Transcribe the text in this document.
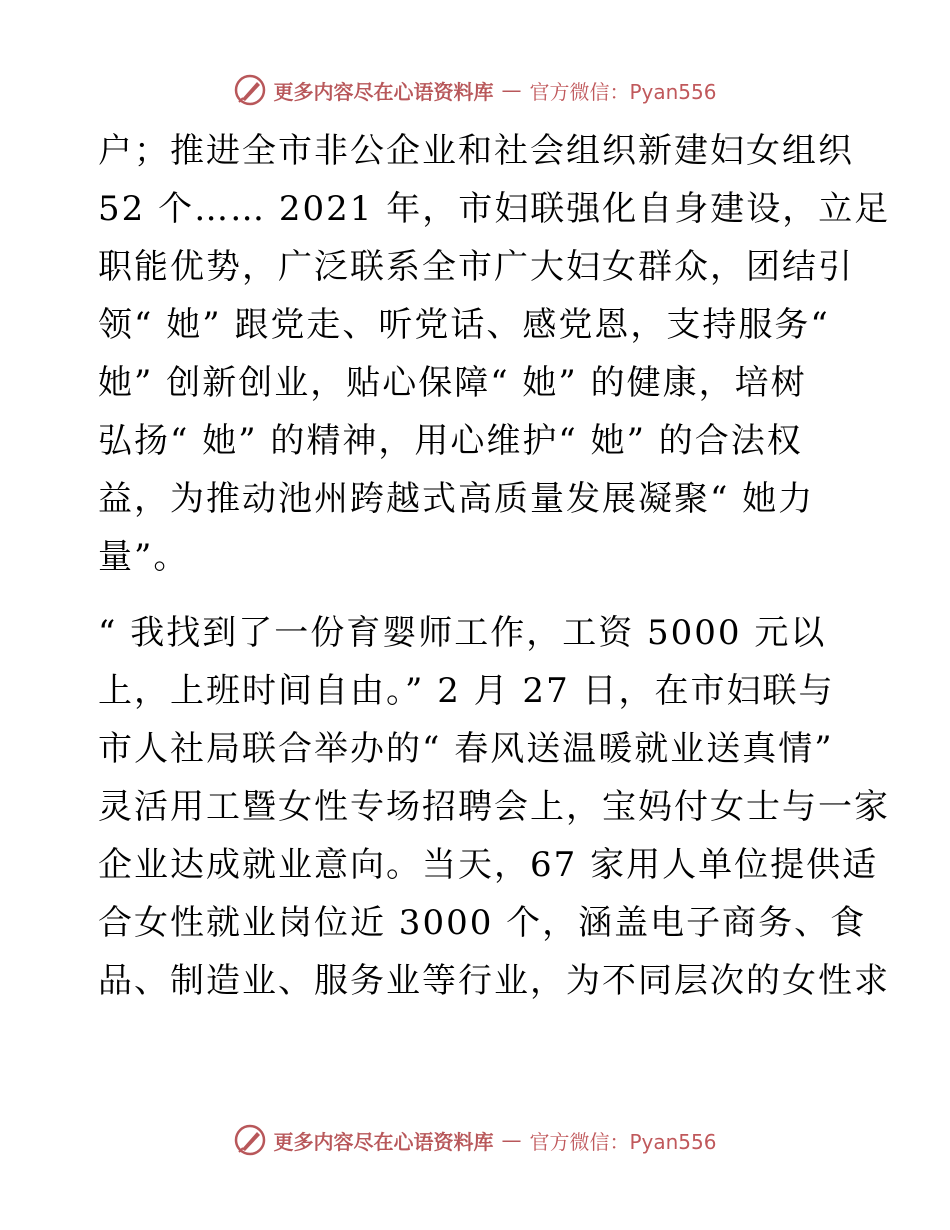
更多内容尽在心语资料库 — 官方微信：Pyan556
户；推进全市非公企业和社会组织新建妇女组织
52 个…… 2021 年，市妇联强化自身建设，立足
职能优势，广泛联系全市广大妇女群众，团结引
领“ 她” 跟党走、听党话、感党恩，支持服务“
她” 创新创业，贴心保障“ 她” 的健康，培树
弘扬“ 她” 的精神，用心维护“ 她” 的合法权
益，为推动池州跨越式高质量发展凝聚“ 她力
量”。
“ 我找到了一份育婴师工作，工资 5000 元以
上，上班时间自由。” 2 月 27 日，在市妇联与
市人社局联合举办的“ 春风送温暖就业送真情”
灵活用工暨女性专场招聘会上，宝妈付女士与一家
企业达成就业意向。当天，67 家用人单位提供适
合女性就业岗位近 3000 个，涵盖电子商务、食
品、制造业、服务业等行业，为不同层次的女性求
更多内容尽在心语资料库 — 官方微信：Pyan556
